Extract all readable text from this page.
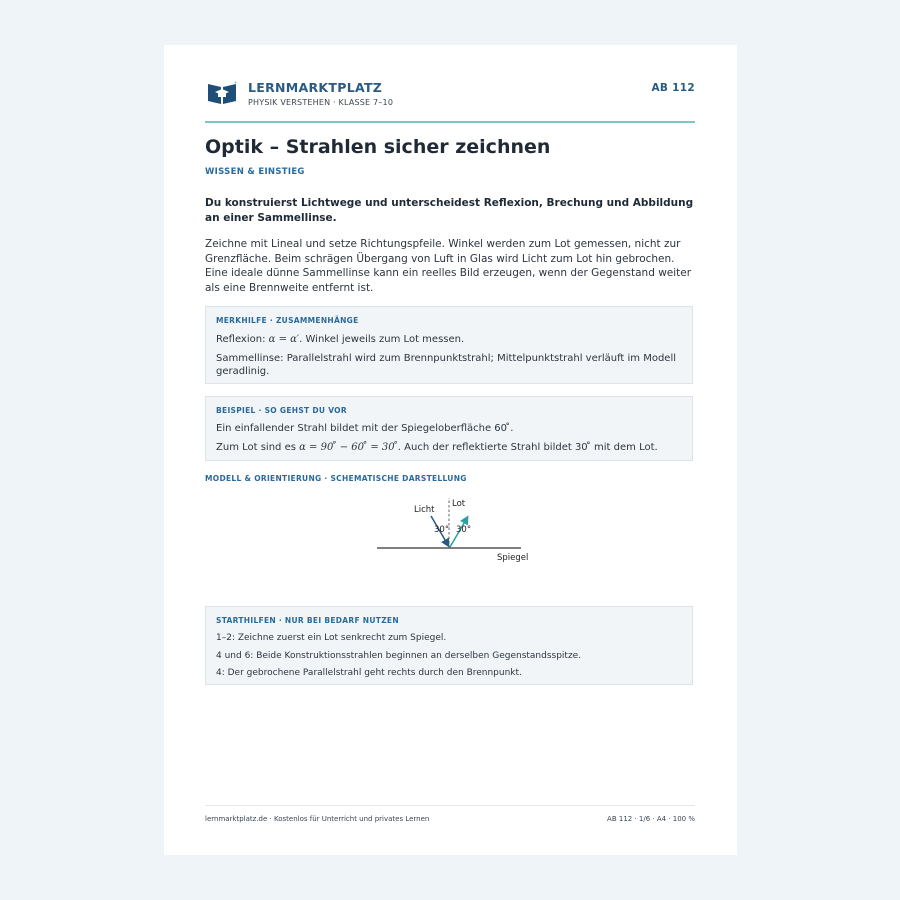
LERNMARKTPLATZ
PHYSIK VERSTEHEN · KLASSE 7–10
AB 112
Optik – Strahlen sicher zeichnen
WISSEN & EINSTIEG
Du konstruierst Lichtwege und unterscheidest Reflexion, Brechung und Abbildung an einer Sammellinse.
Zeichne mit Lineal und setze Richtungspfeile. Winkel werden zum Lot gemessen, nicht zur Grenzfläche. Beim schrägen Übergang von Luft in Glas wird Licht zum Lot hin gebrochen. Eine ideale dünne Sammellinse kann ein reelles Bild erzeugen, wenn der Gegenstand weiter als eine Brennweite entfernt ist.
MERKHILFE · ZUSAMMENHÄNGE
Reflexion: α = α′. Winkel jeweils zum Lot messen.
Sammellinse: Parallelstrahl wird zum Brennpunktstrahl; Mittelpunktstrahl verläuft im Modell geradlinig.
BEISPIEL · SO GEHST DU VOR
Ein einfallender Strahl bildet mit der Spiegeloberfläche 60 ̊.
Zum Lot sind es α = 90 ̊ − 60 ̊ = 30 ̊. Auch der reflektierte Strahl bildet 30 ̊ mit dem Lot.
MODELL & ORIENTIERUNG · SCHEMATISCHE DARSTELLUNG
Licht
Lot
30° 30°
Spiegel
STARTHILFEN · NUR BEI BEDARF NUTZEN
1–2: Zeichne zuerst ein Lot senkrecht zum Spiegel.
4 und 6: Beide Konstruktionsstrahlen beginnen an derselben Gegenstandsspitze.
4: Der gebrochene Parallelstrahl geht rechts durch den Brennpunkt.
lernmarktplatz.de · Kostenlos für Unterricht und privates Lernen	AB 112 · 1/6 · A4 · 100 %
